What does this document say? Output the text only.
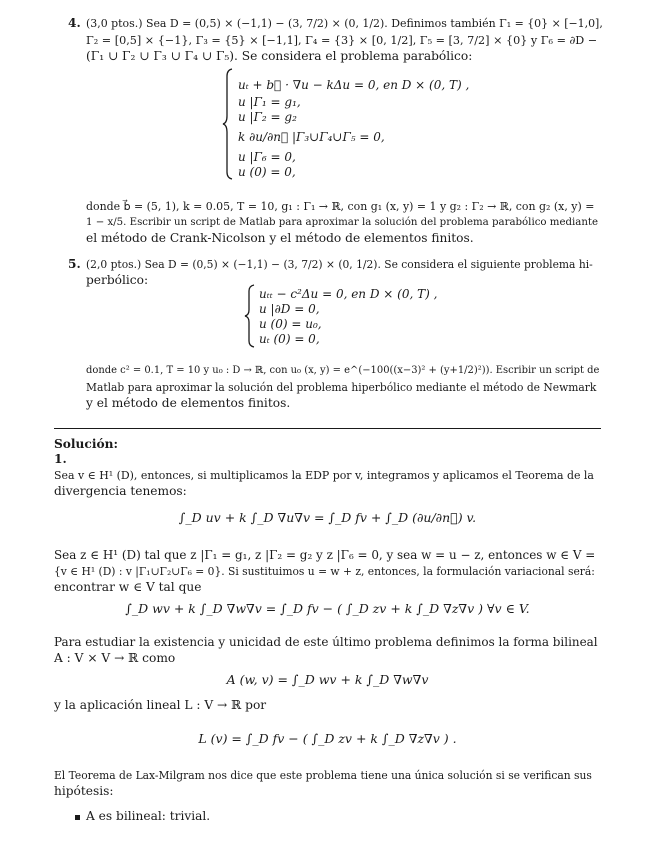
4. (3,0 ptos.) Sea D = (0,5) × (−1,1) − (3, 7/2) × (0, 1/2). Definimos también Γ₁ = {0} × [−1,0],
Γ₂ = [0,5] × {−1}, Γ₃ = {5} × [−1,1], Γ₄ = {3} × [0, 1/2], Γ₅ = [3, 7/2] × {0} y Γ₆ = ∂D −
(Γ₁ ∪ Γ₂ ∪ Γ₃ ∪ Γ₄ ∪ Γ₅). Se considera el problema parabólico:
uₜ + b⃗ · ∇u − kΔu = 0, en D × (0, T) ,
u |Γ₁ = g₁,
u |Γ₂ = g₂
k ∂u/∂n⃗ |Γ₃∪Γ₄∪Γ₅ = 0,
u |Γ₆ = 0,
u (0) = 0,
donde b⃗ = (5, 1), k = 0.05, T = 10, g₁ : Γ₁ → ℝ, con g₁ (x, y) = 1 y g₂ : Γ₂ → ℝ, con g₂ (x, y) =
1 − x/5. Escribir un script de Matlab para aproximar la solución del problema parabólico mediante
el método de Crank-Nicolson y el método de elementos finitos.
5. (2,0 ptos.) Sea D = (0,5) × (−1,1) − (3, 7/2) × (0, 1/2). Se considera el siguiente problema hi-
perbólico:
uₜₜ − c²Δu = 0, en D × (0, T) ,
u |∂D = 0,
u (0) = u₀,
uₜ (0) = 0,
donde c² = 0.1, T = 10 y u₀ : D → ℝ, con u₀ (x, y) = e^(−100((x−3)² + (y+1/2)²)). Escribir un script de
Matlab para aproximar la solución del problema hiperbólico mediante el método de Newmark
y el método de elementos finitos.
Solución:
1.
Sea v ∈ H¹ (D), entonces, si multiplicamos la EDP por v, integramos y aplicamos el Teorema de la
divergencia tenemos:
∫_D uv + k ∫_D ∇u∇v = ∫_D fv + ∫_D (∂u/∂n⃗) v.
Sea z ∈ H¹ (D) tal que z |Γ₁ = g₁, z |Γ₂ = g₂ y z |Γ₆ = 0, y sea w = u − z, entonces w ∈ V =
{v ∈ H¹ (D) : v |Γ₁∪Γ₂∪Γ₆ = 0}. Si sustituimos u = w + z, entonces, la formulación variacional será:
encontrar w ∈ V tal que
∫_D wv + k ∫_D ∇w∇v = ∫_D fv − ( ∫_D zv + k ∫_D ∇z∇v ) ∀v ∈ V.
Para estudiar la existencia y unicidad de este último problema definimos la forma bilineal
A : V × V → ℝ como
A (w, v) = ∫_D wv + k ∫_D ∇w∇v
y la aplicación lineal L : V → ℝ por
L (v) = ∫_D fv − ( ∫_D zv + k ∫_D ∇z∇v ) .
El Teorema de Lax-Milgram nos dice que este problema tiene una única solución si se verifican sus
hipótesis:
A es bilineal: trivial.
